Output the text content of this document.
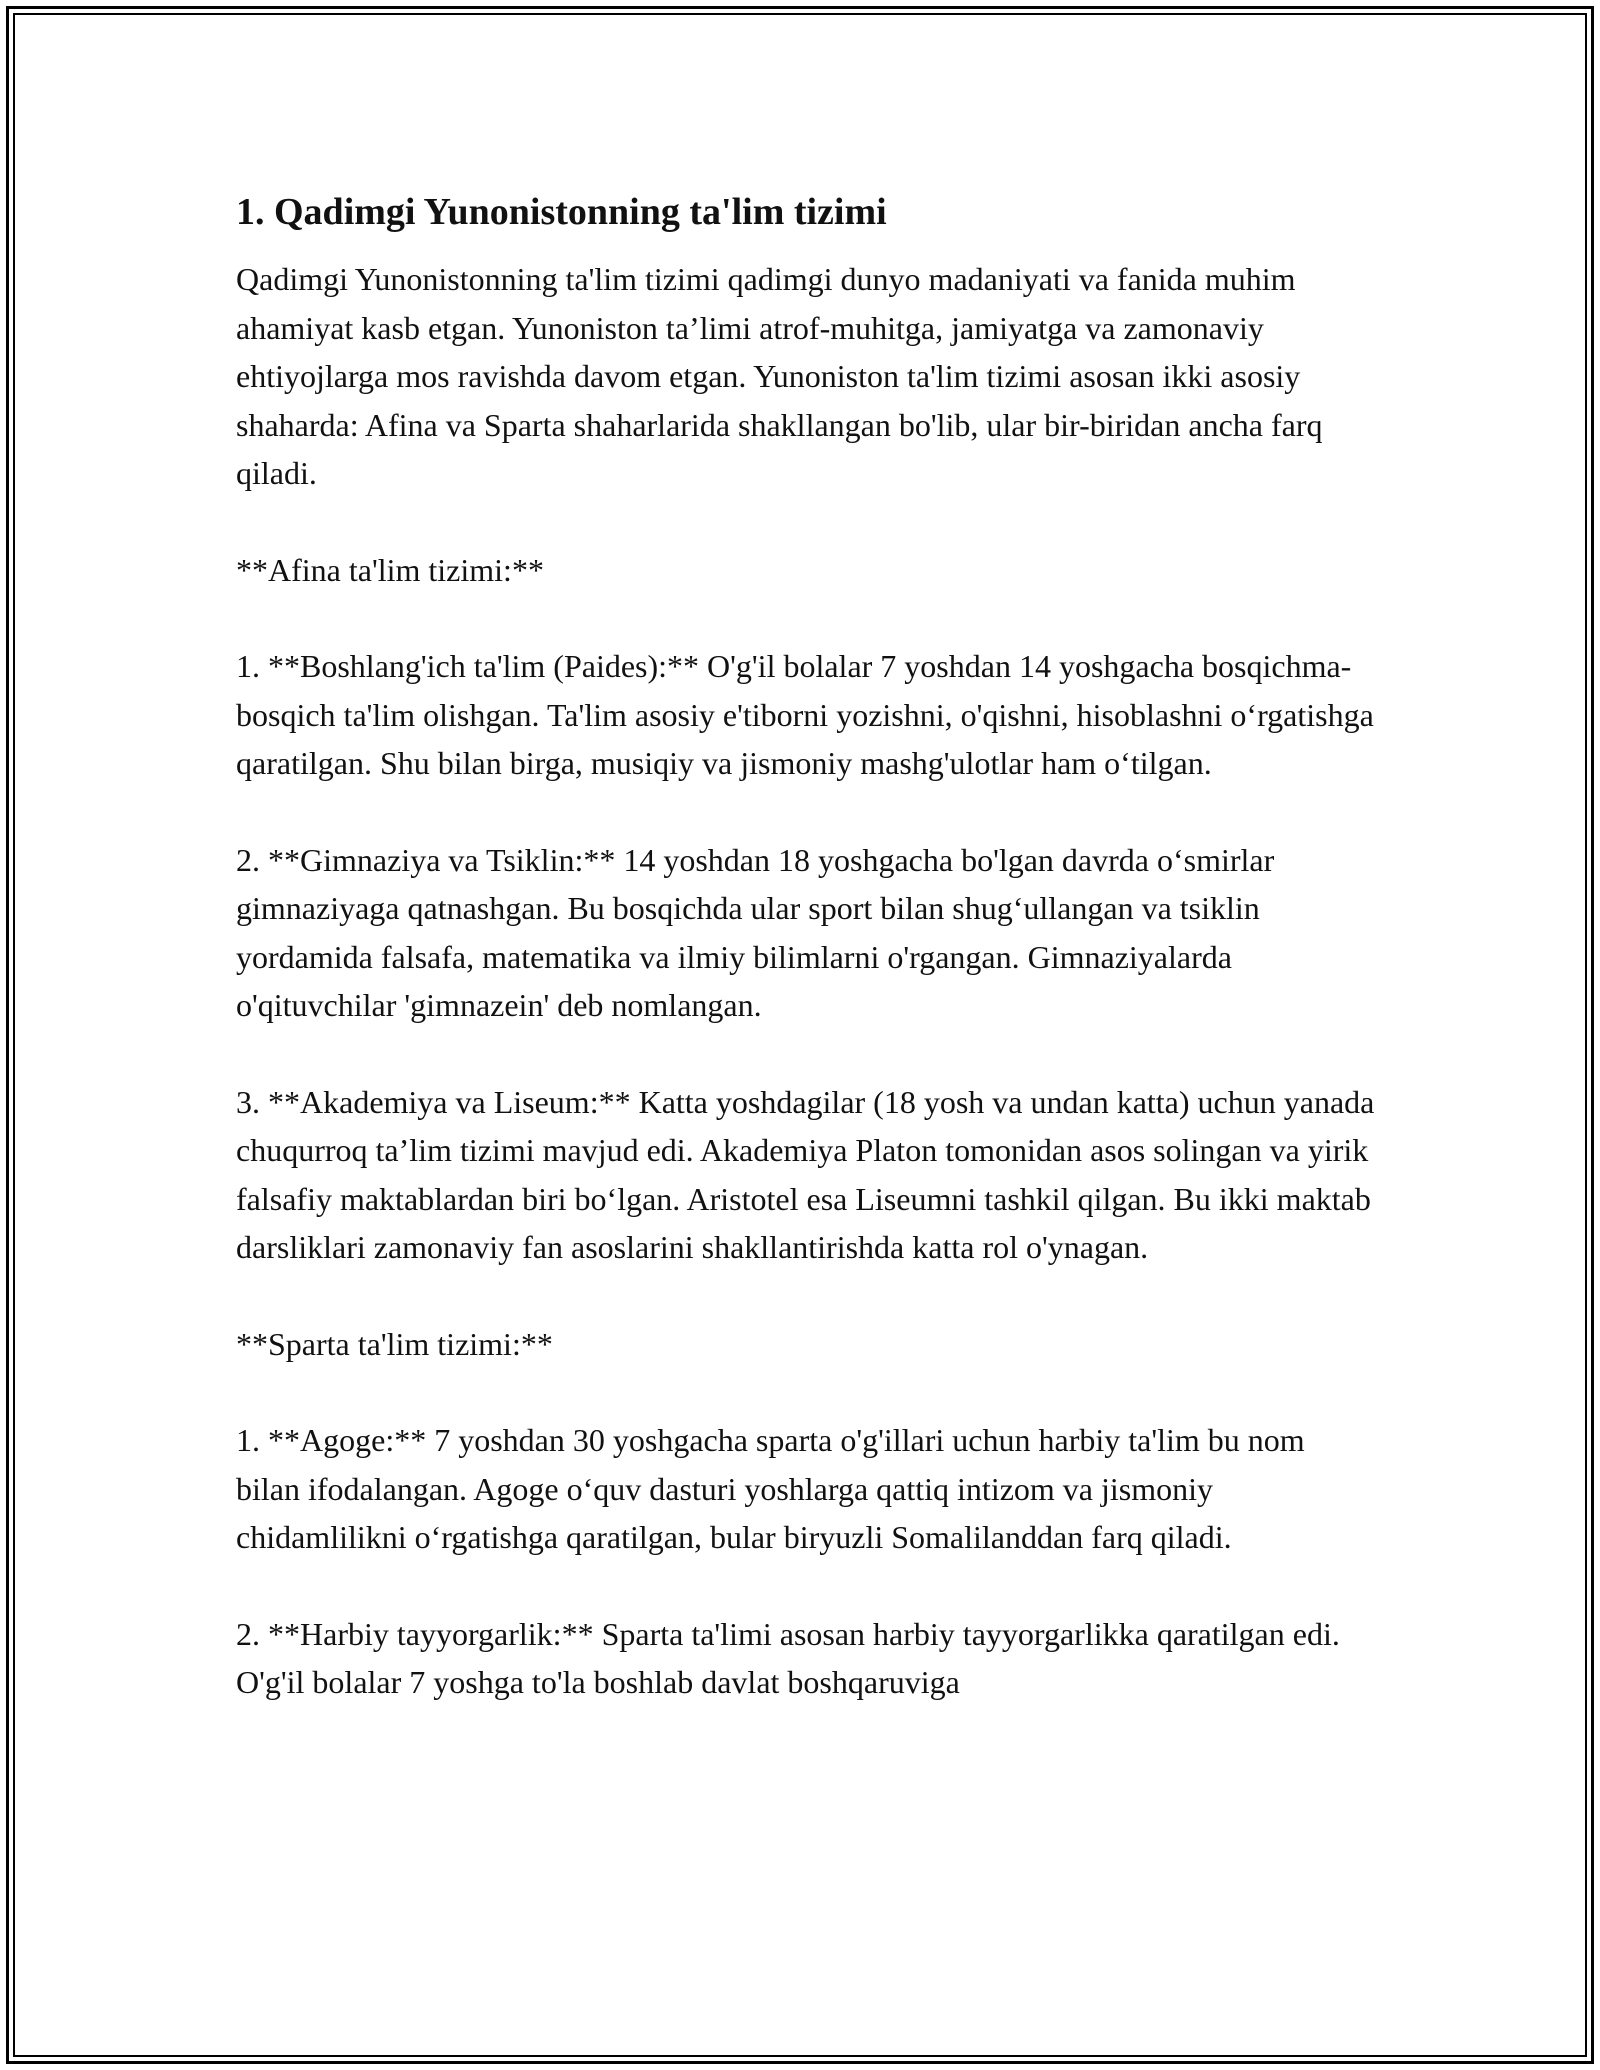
1. Qadimgi Yunonistonning ta'lim tizimi
Qadimgi Yunonistonning ta'lim tizimi qadimgi dunyo madaniyati va fanida muhim ahamiyat kasb etgan. Yunoniston ta’limi atrof-muhitga, jamiyatga va zamonaviy ehtiyojlarga mos ravishda davom etgan. Yunoniston ta'lim tizimi asosan ikki asosiy shaharda: Afina va Sparta shaharlarida shakllangan bo'lib, ular bir-biridan ancha farq qiladi.
**Afina ta'lim tizimi:**
1. **Boshlang'ich ta'lim (Paides):** O'g'il bolalar 7 yoshdan 14 yoshgacha bosqichma-bosqich ta'lim olishgan. Ta'lim asosiy e'tiborni yozishni, o'qishni, hisoblashni o‘rgatishga qaratilgan. Shu bilan birga, musiqiy va jismoniy mashg'ulotlar ham o‘tilgan.
2. **Gimnaziya va Tsiklin:** 14 yoshdan 18 yoshgacha bo'lgan davrda o‘smirlar gimnaziyaga qatnashgan. Bu bosqichda ular sport bilan shug‘ullangan va tsiklin yordamida falsafa, matematika va ilmiy bilimlarni o'rgangan. Gimnaziyalarda o'qituvchilar 'gimnazein' deb nomlangan.
3. **Akademiya va Liseum:** Katta yoshdagilar (18 yosh va undan katta) uchun yanada chuqurroq ta’lim tizimi mavjud edi. Akademiya Platon tomonidan asos solingan va yirik falsafiy maktablardan biri bo‘lgan. Aristotel esa Liseumni tashkil qilgan. Bu ikki maktab darsliklari zamonaviy fan asoslarini shakllantirishda katta rol o'ynagan.
**Sparta ta'lim tizimi:**
1. **Agoge:** 7 yoshdan 30 yoshgacha sparta o'g'illari uchun harbiy ta'lim bu nom bilan ifodalangan. Agoge o‘quv dasturi yoshlarga qattiq intizom va jismoniy chidamlilikni o‘rgatishga qaratilgan, bular biryuzli Somalilanddan farq qiladi.
2. **Harbiy tayyorgarlik:** Sparta ta'limi asosan harbiy tayyorgarlikka qaratilgan edi. O'g'il bolalar 7 yoshga to'la boshlab davlat boshqaruviga
